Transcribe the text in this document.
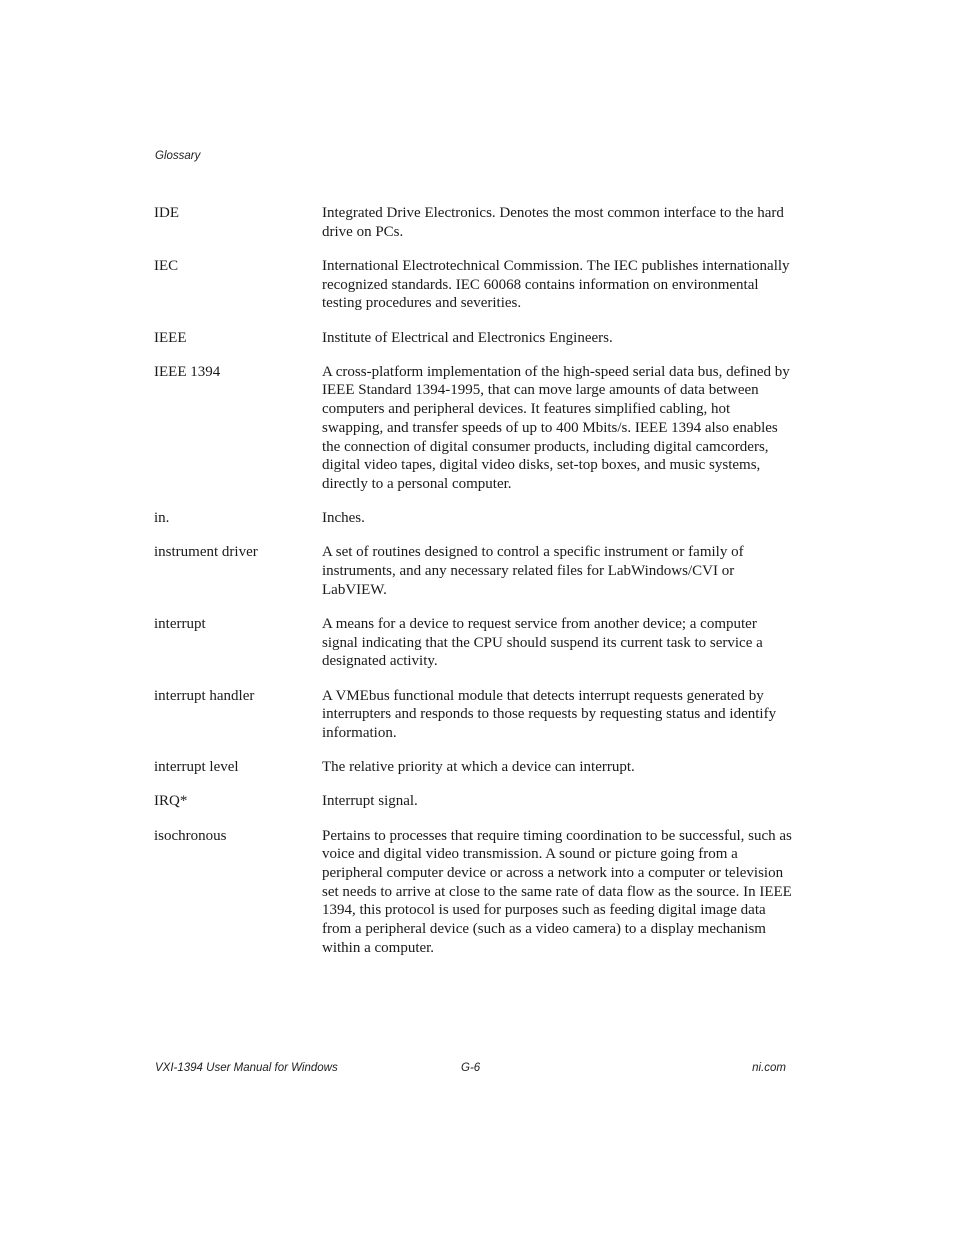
Glossary
IDE	Integrated Drive Electronics. Denotes the most common interface to the hard drive on PCs.
IEC	International Electrotechnical Commission. The IEC publishes internationally recognized standards. IEC 60068 contains information on environmental testing procedures and severities.
IEEE	Institute of Electrical and Electronics Engineers.
IEEE 1394	A cross-platform implementation of the high-speed serial data bus, defined by IEEE Standard 1394-1995, that can move large amounts of data between computers and peripheral devices. It features simplified cabling, hot swapping, and transfer speeds of up to 400 Mbits/s. IEEE 1394 also enables the connection of digital consumer products, including digital camcorders, digital video tapes, digital video disks, set-top boxes, and music systems, directly to a personal computer.
in.	Inches.
instrument driver	A set of routines designed to control a specific instrument or family of instruments, and any necessary related files for LabWindows/CVI or LabVIEW.
interrupt	A means for a device to request service from another device; a computer signal indicating that the CPU should suspend its current task to service a designated activity.
interrupt handler	A VMEbus functional module that detects interrupt requests generated by interrupters and responds to those requests by requesting status and identify information.
interrupt level	The relative priority at which a device can interrupt.
IRQ*	Interrupt signal.
isochronous	Pertains to processes that require timing coordination to be successful, such as voice and digital video transmission. A sound or picture going from a peripheral computer device or across a network into a computer or television set needs to arrive at close to the same rate of data flow as the source. In IEEE 1394, this protocol is used for purposes such as feeding digital image data from a peripheral device (such as a video camera) to a display mechanism within a computer.
VXI-1394 User Manual for Windows	G-6	ni.com
